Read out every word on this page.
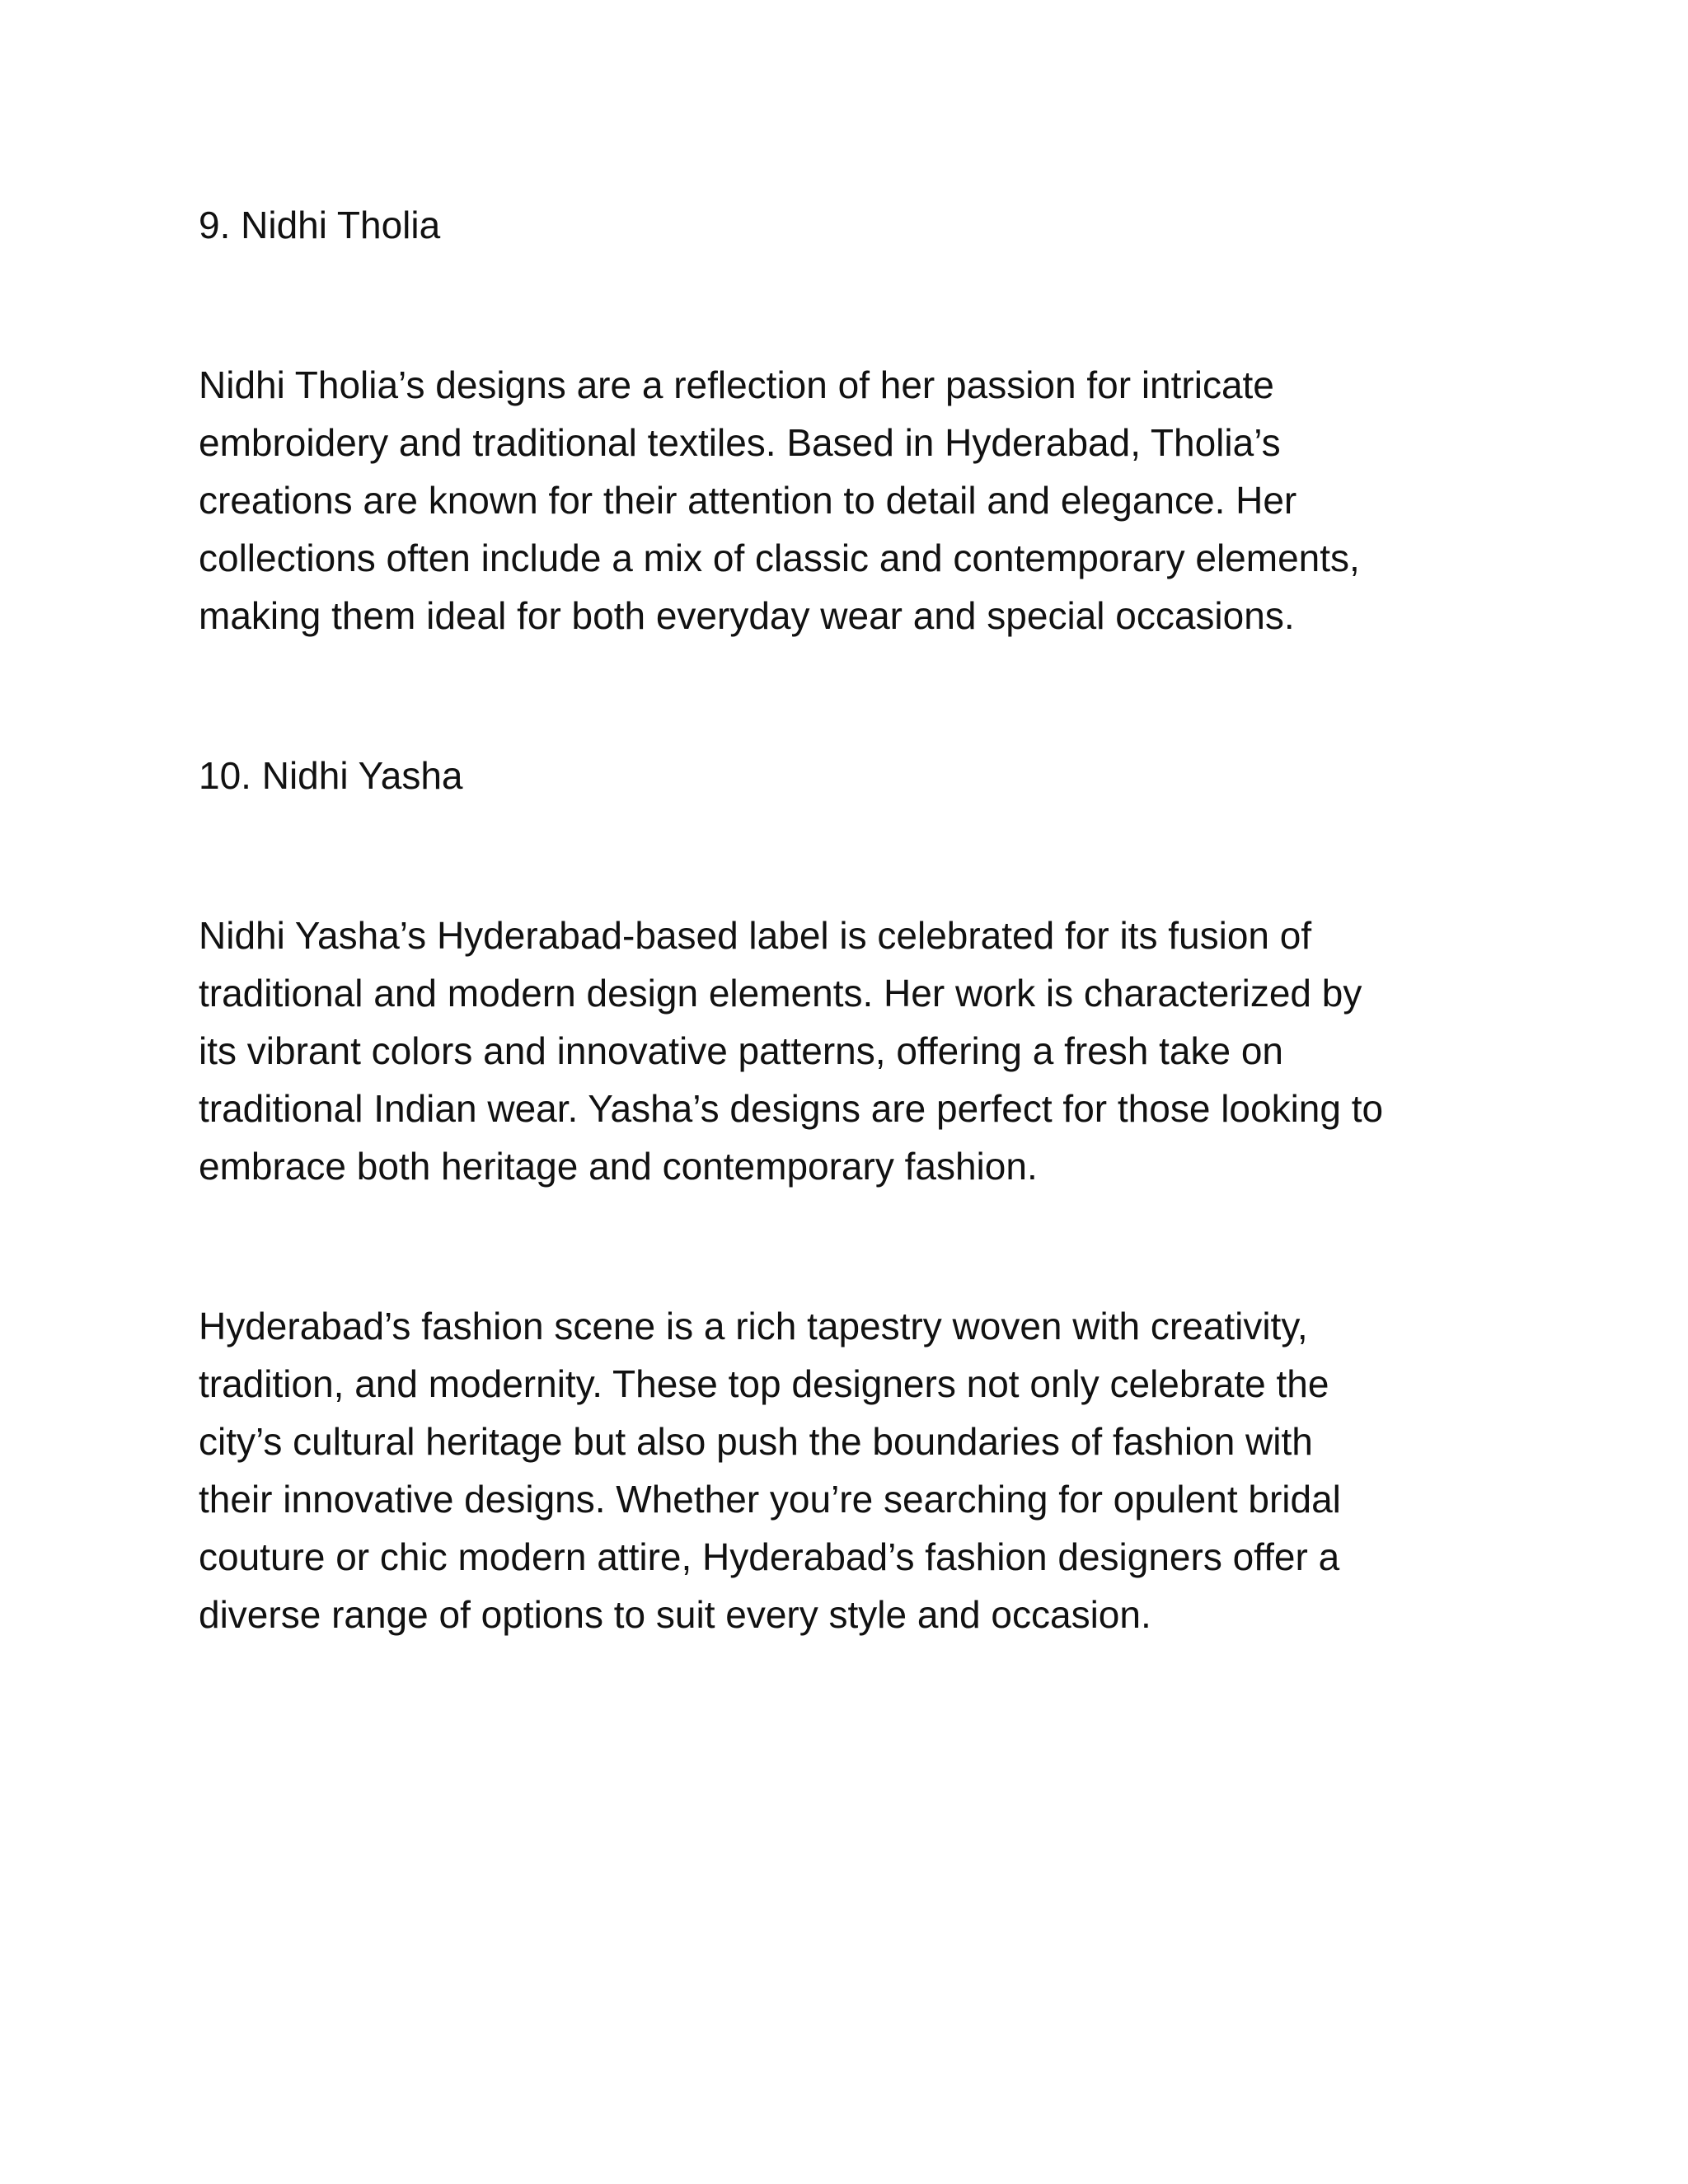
9. Nidhi Tholia

Nidhi Tholia’s designs are a reflection of her passion for intricate
embroidery and traditional textiles. Based in Hyderabad, Tholia’s
creations are known for their attention to detail and elegance. Her
collections often include a mix of classic and contemporary elements,
making them ideal for both everyday wear and special occasions.

10. Nidhi Yasha

Nidhi Yasha’s Hyderabad-based label is celebrated for its fusion of
traditional and modern design elements. Her work is characterized by
its vibrant colors and innovative patterns, offering a fresh take on
traditional Indian wear. Yasha’s designs are perfect for those looking to
embrace both heritage and contemporary fashion.

Hyderabad’s fashion scene is a rich tapestry woven with creativity,
tradition, and modernity. These top designers not only celebrate the
city’s cultural heritage but also push the boundaries of fashion with
their innovative designs. Whether you’re searching for opulent bridal
couture or chic modern attire, Hyderabad’s fashion designers offer a
diverse range of options to suit every style and occasion.
